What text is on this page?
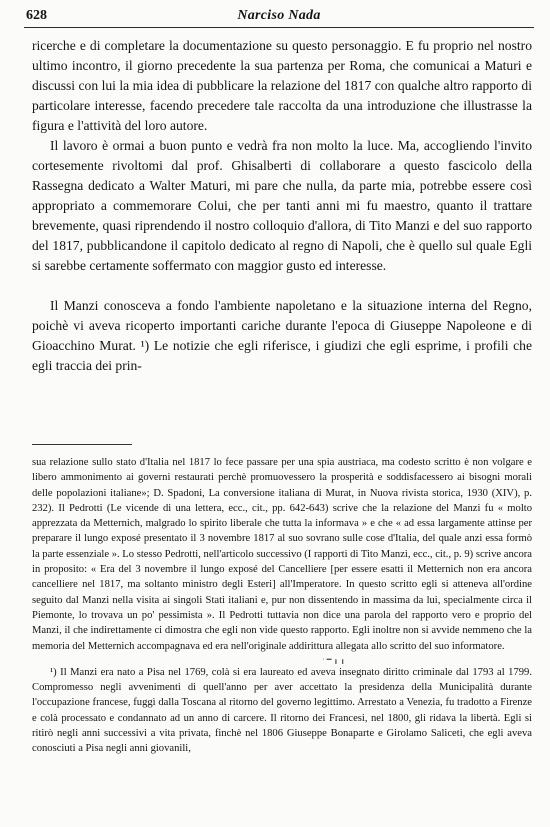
628	Narciso Nada

ricerche e di completare la documentazione su questo personaggio. E fu proprio nel nostro ultimo incontro, il giorno precedente la sua partenza per Roma, che comunicai a Maturi e discussi con lui la mia idea di pubblicare la relazione del 1817 con qualche altro rapporto di particolare interesse, facendo precedere tale raccolta da una introduzione che illustrasse la figura e l'attività del loro autore.

Il lavoro è ormai a buon punto e vedrà fra non molto la luce. Ma, accogliendo l'invito cortesemente rivoltomi dal prof. Ghisalberti di collaborare a questo fascicolo della Rassegna dedicato a Walter Maturi, mi pare che nulla, da parte mia, potrebbe essere così appropriato a commemorare Colui, che per tanti anni mi fu maestro, quanto il trattare brevemente, quasi riprendendo il nostro colloquio d'allora, di Tito Manzi e del suo rapporto del 1817, pubblicandone il capitolo dedicato al regno di Napoli, che è quello sul quale Egli si sarebbe certamente soffermato con maggior gusto ed interesse.

Il Manzi conosceva a fondo l'ambiente napoletano e la situazione interna del Regno, poichè vi aveva ricoperto importanti cariche durante l'epoca di Giuseppe Napoleone e di Gioacchino Murat. ¹) Le notizie che egli riferisce, i giudizi che egli esprime, i profili che egli traccia dei prin-

sua relazione sullo stato d'Italia nel 1817 lo fece passare per una spia austriaca, ma codesto scritto è non volgare e libero ammonimento ai governi restaurati perchè promuovessero la prosperità e soddisfacessero ai bisogni morali delle popolazioni italiane»; D. Spadoni, La conversione italiana di Murat, in Nuova rivista storica, 1930 (XIV), p. 232). Il Pedrotti (Le vicende di una lettera, ecc., cit., pp. 642-643) scrive che la relazione del Manzi fu « molto apprezzata da Metternich, malgrado lo spirito liberale che tutta la informava » e che « ad essa largamente attinse per preparare il lungo exposé presentato il 3 novembre 1817 al suo sovrano sulle cose d'Italia, del quale anzi essa formò la parte essenziale ». Lo stesso Pedrotti, nell'articolo successivo (I rapporti di Tito Manzi, ecc., cit., p. 9) scrive ancora in proposito: « Era del 3 novembre il lungo exposé del Cancelliere [per essere esatti il Metternich non era ancora cancelliere nel 1817, ma soltanto ministro degli Esteri] all'Imperatore. In questo scritto egli si atteneva all'ordine seguito dal Manzi nella visita ai singoli Stati italiani e, pur non dissentendo in massima da lui, specialmente circa il Piemonte, lo trovava un po' pessimista ». Il Pedrotti tuttavia non dice una parola del rapporto vero e proprio del Manzi, il che indirettamente ci dimostra che egli non vide questo rapporto. Egli inoltre non si avvide nemmeno che la memoria del Metternich accompagnava ed era nell'originale addirittura allegata allo scritto del suo informatore.

· ━ ╻ ╻

¹) Il Manzi era nato a Pisa nel 1769, colà si era laureato ed aveva insegnato diritto criminale dal 1793 al 1799. Compromesso negli avvenimenti di quell'anno per aver accettato la presidenza della Municipalità durante l'occupazione francese, fuggì dalla Toscana al ritorno del governo legittimo. Arrestato a Venezia, fu tradotto a Firenze e colà processato e condannato ad un anno di carcere. Il ritorno dei Francesi, nel 1800, gli ridava la libertà. Egli si ritirò negli anni successivi a vita privata, finchè nel 1806 Giuseppe Bonaparte e Girolamo Saliceti, che egli aveva conosciuti a Pisa negli anni giovanili,
